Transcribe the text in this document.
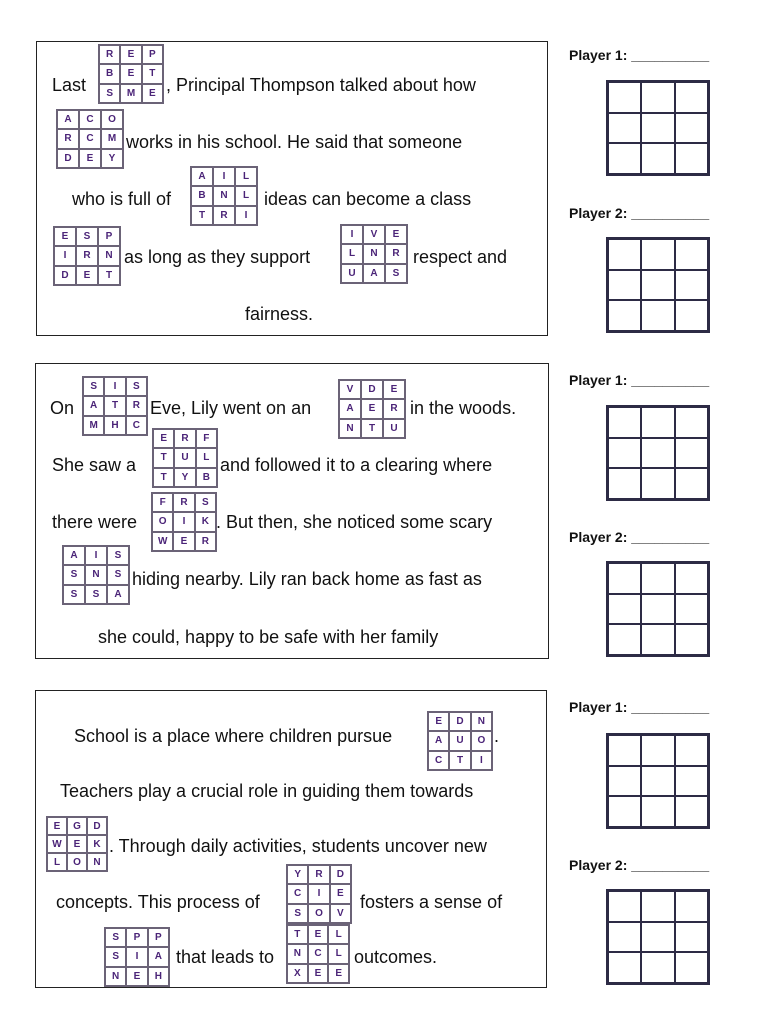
Last
R	E	P
B	E	T
S	M	E , Principal Thompson talked about how
A	C	O
R	C	M
D	E	Y
works in his school. He said that someone
who is full of
A	I	L
B	N	L
T	R	I
ideas can become a class
E	S	P
I	R	N
D	E	T
as long as they support
I	V	E
L	N	R
U	A	S
respect and
fairness.
On
S	I	S
A	T	R
M	H	C
Eve, Lily went on an
V	D	E
A	E	R
N	T	U
in the woods.
She saw a
E	R	F
T	U	L
T	Y	B
and followed it to a clearing where
there were
F	R	S
O	I	K
W	E	R
. But then, she noticed some scary
A	I	S
S	N	S
S	S	A
hiding nearby. Lily ran back home as fast as
she could, happy to be safe with her family
School is a place where children pursue
E	D	N
A	U	O
C	T	I
.
Teachers play a crucial role in guiding them towards
E	G	D
W	E	K
L	O	N
. Through daily activities, students uncover new
concepts. This process of
Y	R	D
C	I	E
S	O	V
fosters a sense of
S	P	P
S	I	A
N	E	H
that leads to
T	E	L
N	C	L
X	E	E
outcomes.
Player 1: __________
Player 2: __________
Player 1: __________
Player 2: __________
Player 1: __________
Player 2: __________
